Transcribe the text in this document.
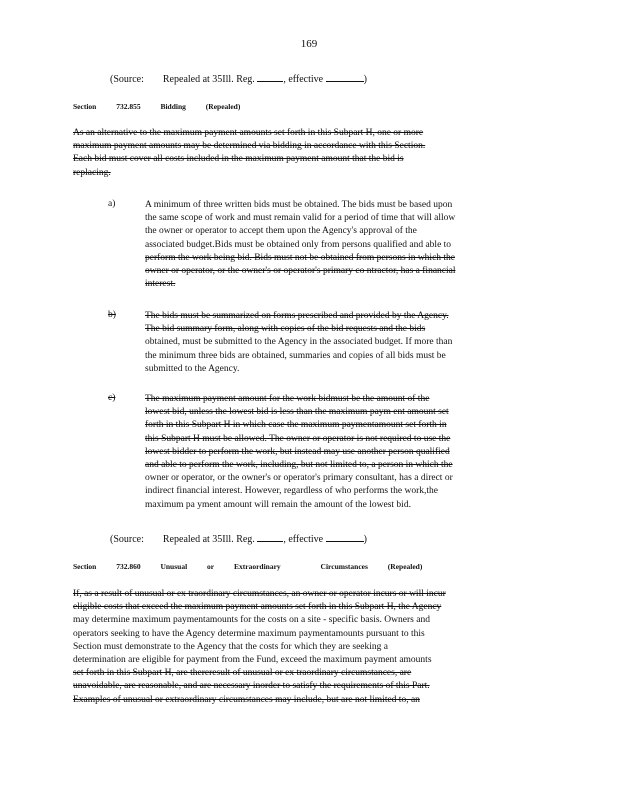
169
(Source: Repealed at 35Ill. Reg.	, effective	)
Section	732.855	Bidding	(Repealed)
As an alternative to the maximum payment amounts set forth in this Subpart H, one or more
maximum payment amounts may be determined via bidding in accordance with this Section.
Each bid must cover all costs included in the maximum payment amount that the bid is
replacing.
a)	A minimum of three written bids must be obtained. The bids must be based upon
the same scope of work and must remain valid for a period of time that will allow
the owner or operator to accept them upon the Agency's approval of the
associated budget.Bids must be obtained only from persons qualified and able to
perform the work being bid. Bids must not be obtained from persons in which the
owner or operator, or the owner's or operator's primary co ntractor, has a financial
interest.
b)	The bids must be summarized on forms prescribed and provided by the Agency.
The bid summary form, along with copies of the bid requests and the bids
obtained, must be submitted to the Agency in the associated budget. If more than
the minimum three bids are obtained, summaries and copies of all bids must be
submitted to the Agency.
c)	The maximum payment amount for the work bidmust be the amount of the
lowest bid, unless the lowest bid is less than the maximum paym ent amount set
forth in this Subpart H in which case the maximum paymentamount set forth in
this Subpart H must be allowed. The owner or operator is not required to use the
lowest bidder to perform the work, but instead may use another person qualified
and able to perform the work, including, but not limited to, a person in which the
owner or operator, or the owner's or operator's primary consultant, has a direct or
indirect financial interest. However, regardless of who performs the work,the
maximum pa yment amount will remain the amount of the lowest bid.
(Source: Repealed at 35Ill. Reg.	, effective	)
Section	732.860	Unusual	or	Extraordinary	Circumstances	(Repealed)
If, as a result of unusual or ex traordinary circumstances, an owner or operator incurs or will incur
eligible costs that exceed the maximum payment amounts set forth in this Subpart H, the Agency
may determine maximum paymentamounts for the costs on a site - specific basis. Owners and
operators seeking to have the Agency determine maximum paymentamounts pursuant to this
Section must demonstrate to the Agency that the costs for which they are seeking a
determination are eligible for payment from the Fund, exceed the maximum payment amounts
set forth in this Subpart H, are thereresult of unusual or ex traordinary circumstances, are
unavoidable, are reasonable, and are necessary inorder to satisfy the requirements of this Part.
Examples of unusual or extraordinary circumstances may include, but are not limited to, an
